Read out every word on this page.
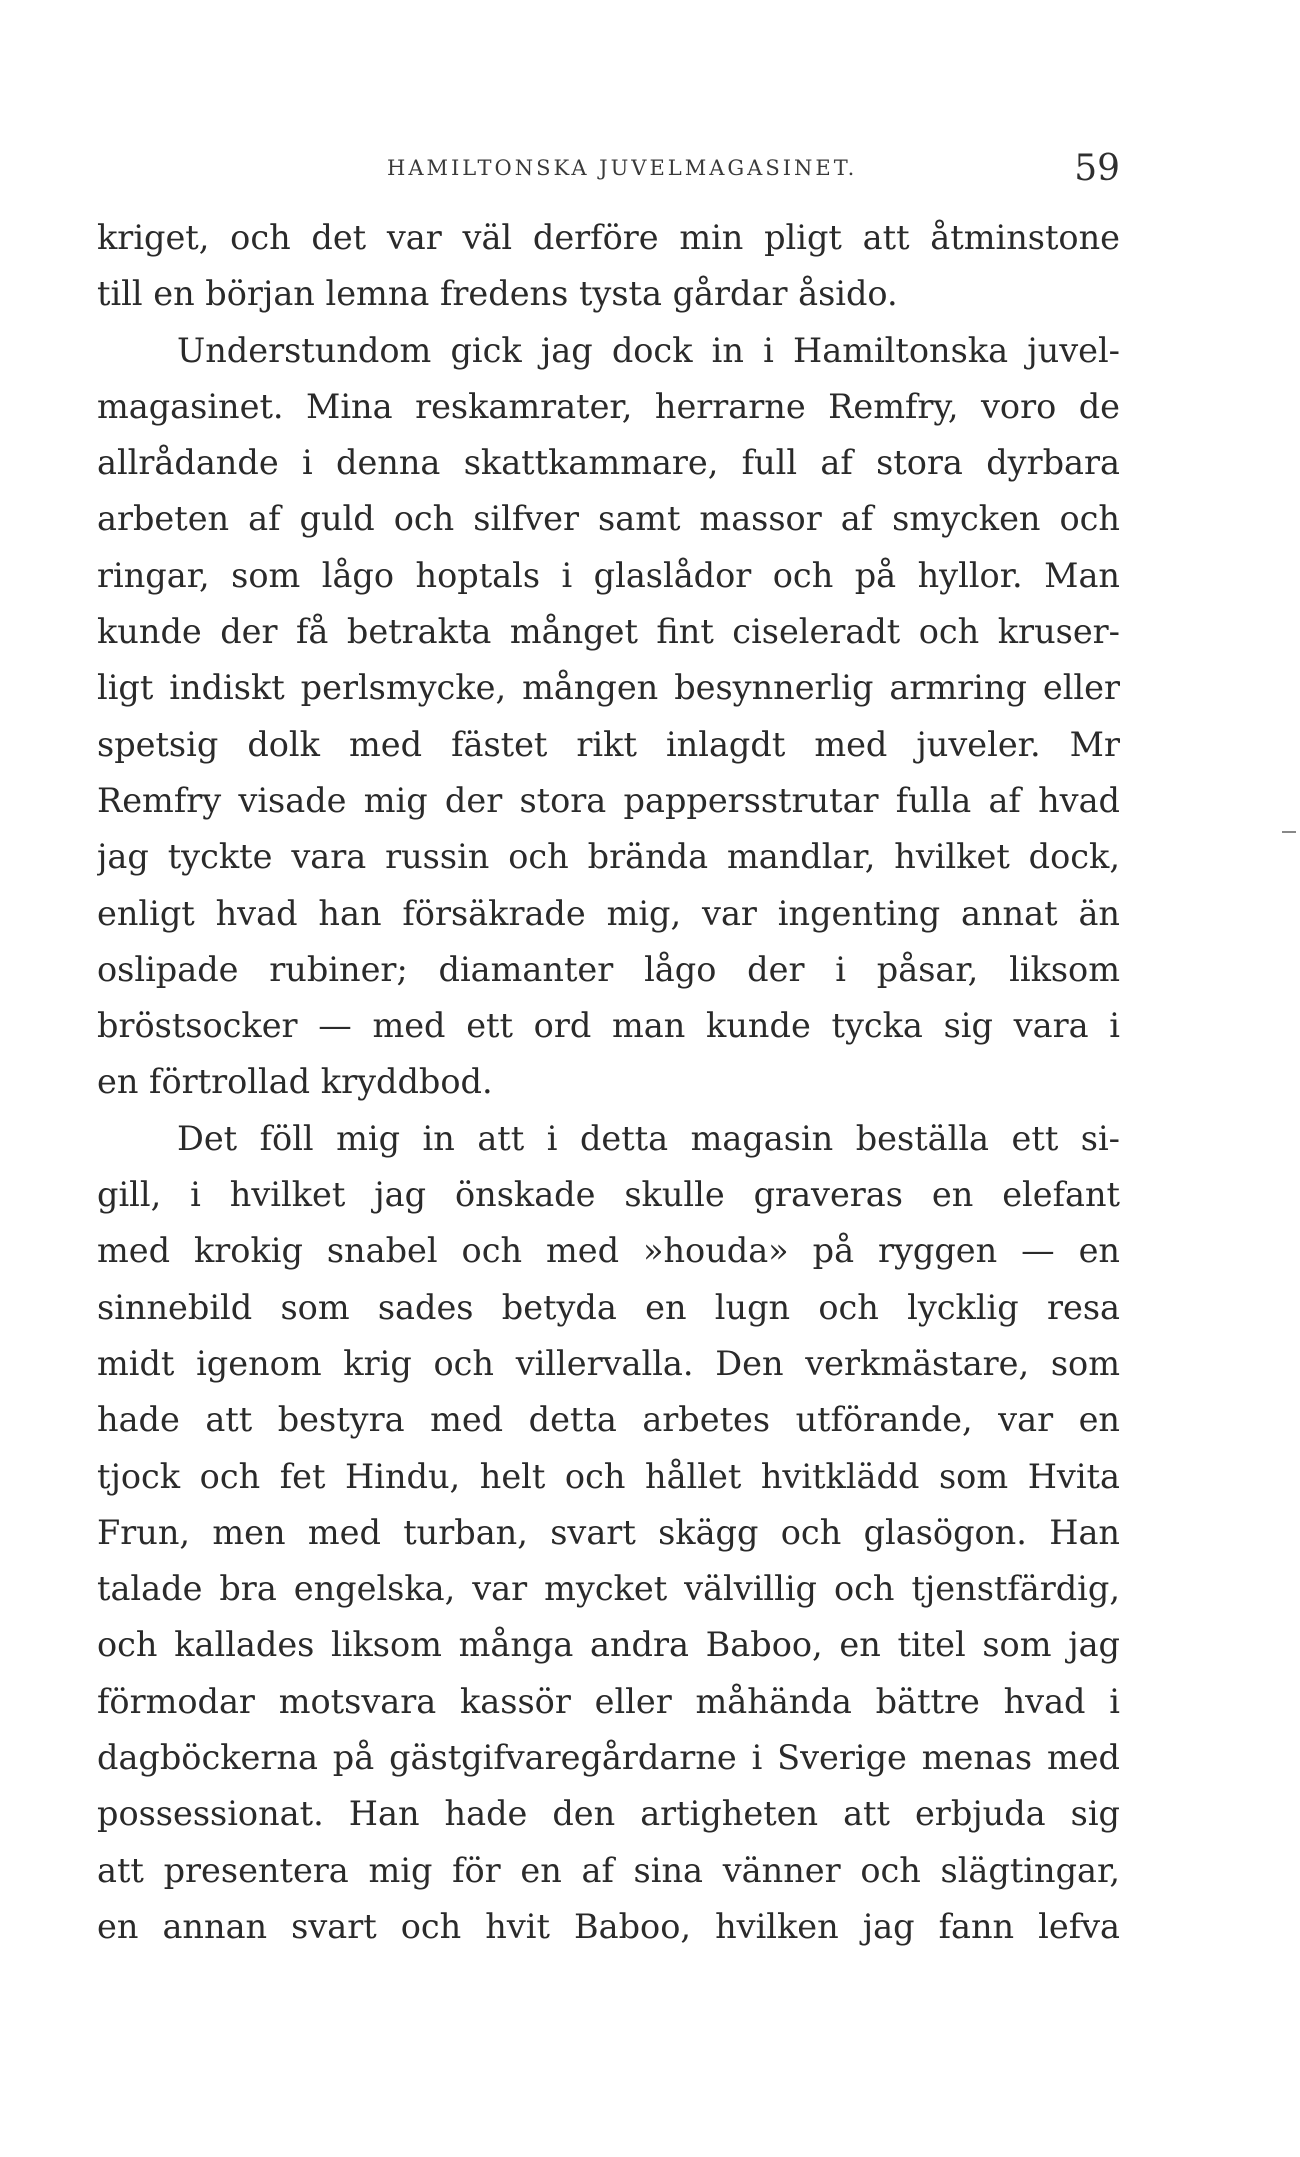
HAMILTONSKA JUVELMAGASINET.	59
kriget, och det var väl derföre min pligt att åtminstone
till en början lemna fredens tysta gårdar åsido.
Understundom gick jag dock in i Hamiltonska juvel-
magasinet. Mina reskamrater, herrarne Remfry, voro de
allrådande i denna skattkammare, full af stora dyrbara
arbeten af guld och silfver samt massor af smycken och
ringar, som lågo hoptals i glaslådor och på hyllor. Man
kunde der få betrakta månget fint ciseleradt och kruser-
ligt indiskt perlsmycke, mången besynnerlig armring eller
spetsig dolk med fästet rikt inlagdt med juveler. Mr
Remfry visade mig der stora pappersstrutar fulla af hvad
jag tyckte vara russin och brända mandlar, hvilket dock,
enligt hvad han försäkrade mig, var ingenting annat än
oslipade rubiner; diamanter lågo der i påsar, liksom
bröstsocker — med ett ord man kunde tycka sig vara i
en förtrollad kryddbod.
Det föll mig in att i detta magasin beställa ett si-
gill, i hvilket jag önskade skulle graveras en elefant
med krokig snabel och med »houda» på ryggen — en
sinnebild som sades betyda en lugn och lycklig resa
midt igenom krig och villervalla. Den verkmästare, som
hade att bestyra med detta arbetes utförande, var en
tjock och fet Hindu, helt och hållet hvitklädd som Hvita
Frun, men med turban, svart skägg och glasögon. Han
talade bra engelska, var mycket välvillig och tjenstfärdig,
och kallades liksom många andra Baboo, en titel som jag
förmodar motsvara kassör eller måhända bättre hvad i
dagböckerna på gästgifvaregårdarne i Sverige menas med
possessionat. Han hade den artigheten att erbjuda sig
att presentera mig för en af sina vänner och slägtingar,
en annan svart och hvit Baboo, hvilken jag fann lefva
